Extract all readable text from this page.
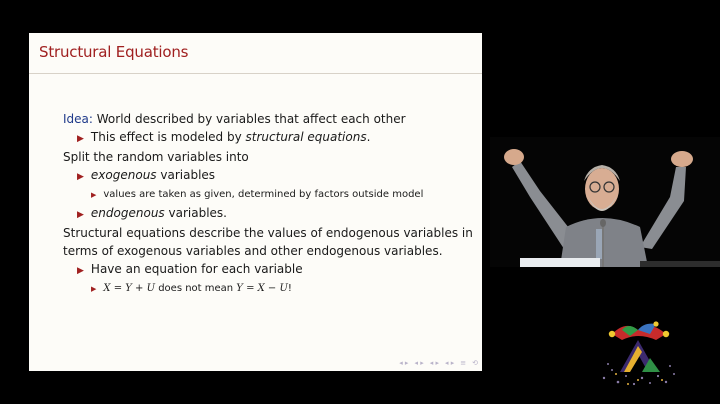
Structural Equations
Idea: World described by variables that affect each other
▶ This effect is modeled by structural equations.
Split the random variables into
▶ exogenous variables
▶ values are taken as given, determined by factors outside model
▶ endogenous variables.
Structural equations describe the values of endogenous variables in
terms of exogenous variables and other endogenous variables.
▶ Have an equation for each variable
▶ X = Y + U does not mean Y = X − U!
◂ ▸ ◂ ▸ ◂ ▸ ◂ ▸ ≡ ⟲
